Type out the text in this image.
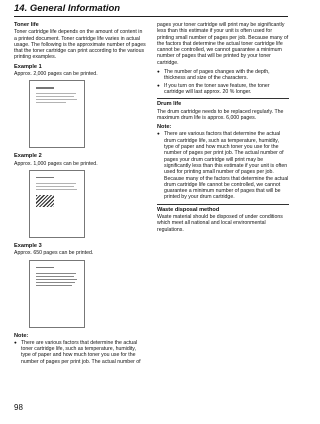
14. General Information
Toner life

Toner cartridge life depends on the amount of content in a printed document. Toner cartridge life varies in actual usage. The following is the approximate number of pages that the toner cartridge can print according to the various printing examples.

Example 1
Approx. 2,000 pages can be printed.
Example 2
Approx. 1,000 pages can be printed.
Example 3
Approx. 650 pages can be printed.
Note:
● There are various factors that determine the actual toner cartridge life, such as temperature, humidity, type of paper and how much toner you use for the number of pages per print job. The actual number of

pages your toner cartridge will print may be significantly less than this estimate if your unit is often used for printing small number of pages per job. Because many of the factors that determine the actual toner cartridge life cannot be controlled, we cannot guarantee a minimum number of pages that will be printed by your toner cartridge.

● The number of pages changes with the depth, thickness and size of the characters.
● If you turn on the toner save feature, the toner cartridge will last approx. 20 % longer.
Drum life

The drum cartridge needs to be replaced regularly. The maximum drum life is approx. 6,000 pages.

Note:
● There are various factors that determine the actual drum cartridge life, such as temperature, humidity, type of paper and how much toner you use for the number of pages per print job. The actual number of pages your drum cartridge will print may be significantly less than this estimate if your unit is often used for printing small number of pages per job. Because many of the factors that determine the actual drum cartridge life cannot be controlled, we cannot guarantee a minimum number of pages that will be printed by your drum cartridge.
Waste disposal method

Waste material should be disposed of under conditions which meet all national and local environmental regulations.

98
